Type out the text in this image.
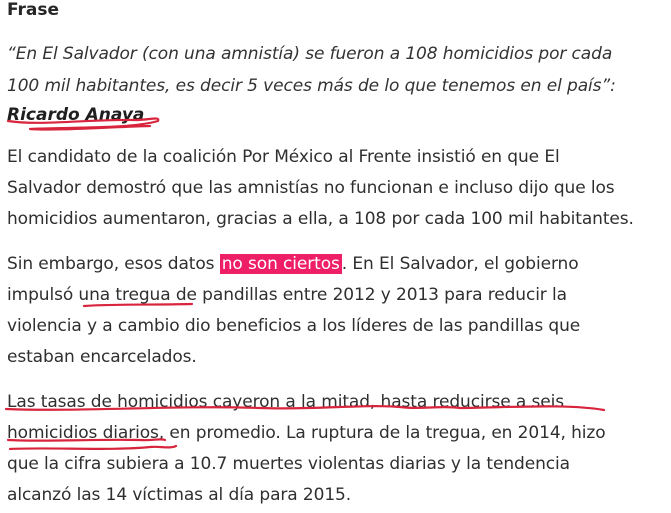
Frase
“En El Salvador (con una amnistía) se fueron a 108 homicidios por cada
100 mil habitantes, es decir 5 veces más de lo que tenemos en el país”:
Ricardo Anaya
El candidato de la coalición Por México al Frente insistió en que El
Salvador demostró que las amnistías no funcionan e incluso dijo que los
homicidios aumentaron, gracias a ella, a 108 por cada 100 mil habitantes.
Sin embargo, esos datos no son ciertos . En El Salvador, el gobierno
impulsó una tregua de pandillas entre 2012 y 2013 para reducir la
violencia y a cambio dio beneficios a los líderes de las pandillas que
estaban encarcelados.
Las tasas de homicidios cayeron a la mitad, hasta reducirse a seis
homicidios diarios, en promedio. La ruptura de la tregua, en 2014, hizo
que la cifra subiera a 10.7 muertes violentas diarias y la tendencia
alcanzó las 14 víctimas al día para 2015.
